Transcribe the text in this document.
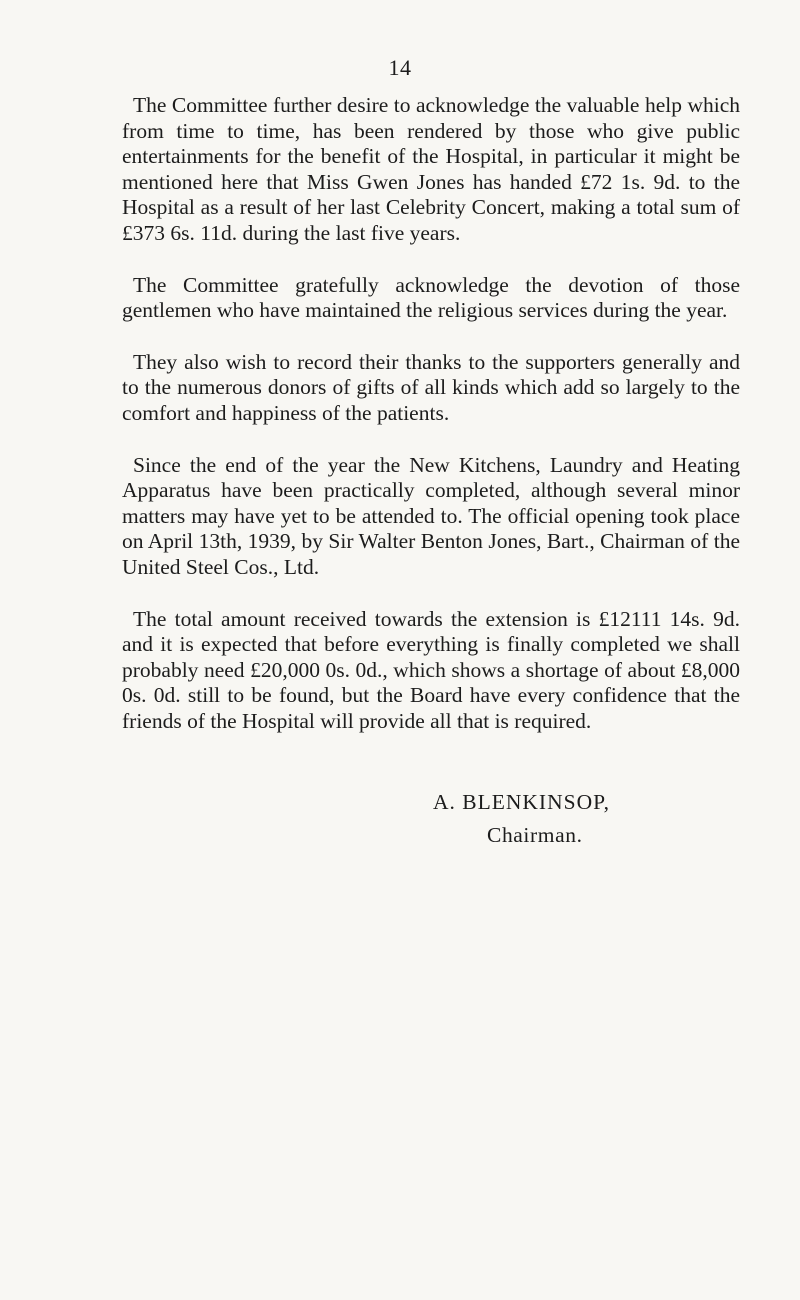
14

The Committee further desire to acknowledge the valuable help which from time to time, has been rendered by those who give public entertainments for the benefit of the Hospital, in particular it might be mentioned here that Miss Gwen Jones has handed £72 1s. 9d. to the Hospital as a result of her last Celebrity Concert, making a total sum of £373 6s. 11d. during the last five years.

The Committee gratefully acknowledge the devotion of those gentlemen who have maintained the religious services during the year.

They also wish to record their thanks to the supporters generally and to the numerous donors of gifts of all kinds which add so largely to the comfort and happiness of the patients.

Since the end of the year the New Kitchens, Laundry and Heating Apparatus have been practically completed, although several minor matters may have yet to be attended to. The official opening took place on April 13th, 1939, by Sir Walter Benton Jones, Bart., Chairman of the United Steel Cos., Ltd.

The total amount received towards the extension is £12111 14s. 9d. and it is expected that before everything is finally completed we shall probably need £20,000 0s. 0d., which shows a shortage of about £8,000 0s. 0d. still to be found, but the Board have every confidence that the friends of the Hospital will provide all that is required.

A. BLENKINSOP,
Chairman.
